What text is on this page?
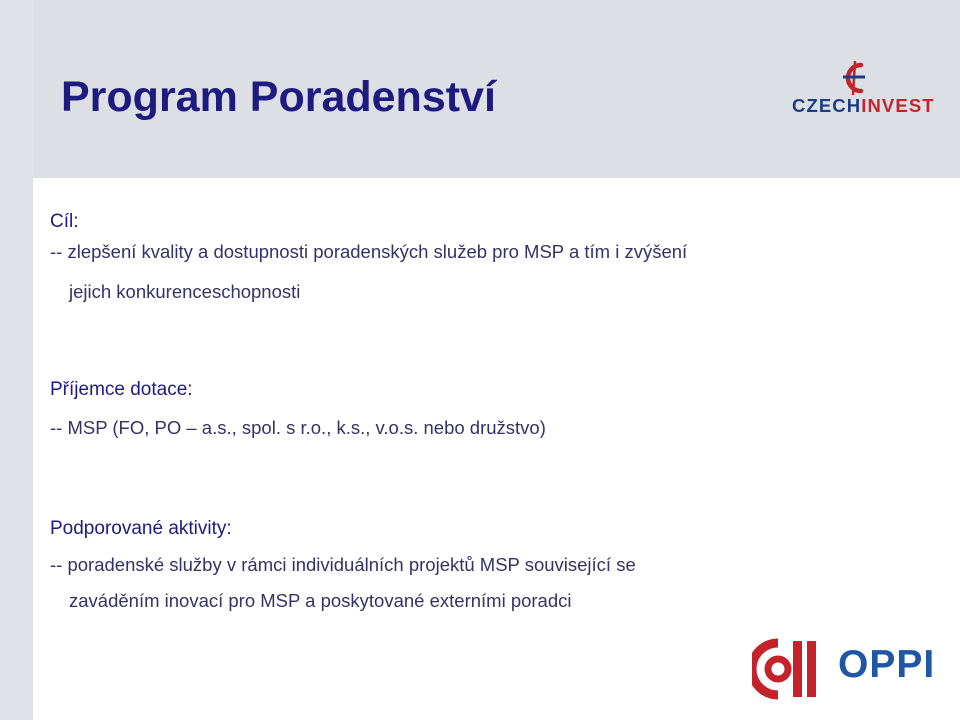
Program Poradenství	CZECHINVEST
Cíl:
-- zlepšení kvality a dostupnosti poradenských služeb pro MSP a tím i zvýšení
jejich konkurenceschopnosti
Příjemce dotace:
-- MSP (FO, PO – a.s., spol. s r.o., k.s., v.o.s. nebo družstvo)
Podporované aktivity:
-- poradenské služby v rámci individuálních projektů MSP související se
zaváděním inovací pro MSP a poskytované externími poradci
OPPI
